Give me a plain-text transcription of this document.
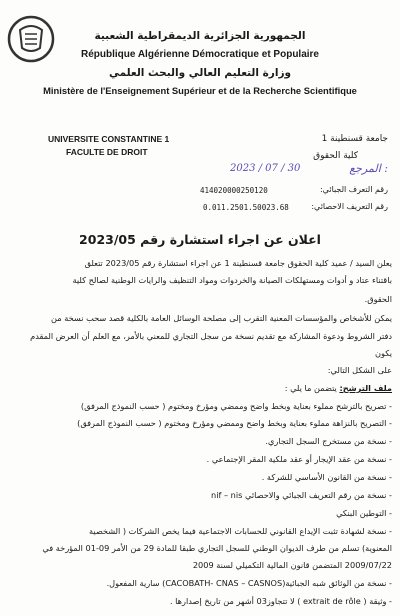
الجمهورية الجزائرية الديمقراطية الشعبية
République Algérienne Démocratique et Populaire
وزارة التعليم العالي والبحث العلمي
Ministère de l'Enseignement Supérieur et de la Recherche Scientifique
UNIVERSITE CONSTANTINE 1
FACULTE DE DROIT
جامعة قسنطينة 1
كلية الحقوق
المرجع :
2023 / 07 / 30
رقم التعرف الجبائي:
414020000250120
رقم التعريف الاحصائي:
0.011.2501.50023.68
اعلان عن اجراء استشارة رقم 2023/05
يعلن السيد / عميد كلية الحقوق جامعة قسنطينة 1 عن اجراء استشارة رقم 2023/05 تتعلق
باقتناء عتاد و أدوات ومستهلكات الصيانة والخردوات ومواد التنظيف والرايات الوطنية لصالح كلية
الحقوق.
يمكن للأشخاص والمؤسسات المعنية التقرب إلى مصلحة الوسائل العامة بالكلية قصد سحب نسخة من
دفتر الشروط ودعوة المشاركة مع تقديم نسخة من سجل التجاري للمعني بالأمر، مع العلم أن العرض المقدم
يكون
على الشكل التالي:
ملف الترشح: يتضمن ما يلي :
- تصريح بالترشح مملوء بعناية وبخط واضح وممضي ومؤرخ ومختوم ( حسب النموذج المرفق)
- التصريح بالنزاهة مملوء بعناية وبخط واضح وممضي ومؤرخ ومختوم ( حسب النموذج المرفق)
- نسخة من مستخرج السجل التجاري.
- نسخة من عقد الإيجار أو عقد ملكية المقر الإجتماعي .
- نسخة من القانون الأساسي للشركة .
- نسخة من رقم التعريف الجبائي والاحصائي nif – nis
- التوطين البنكي
- نسخة لشهادة تثبت الإيداع القانوني للحسابات الاجتماعية فيما يخص الشركات ( الشخصية
المعنوية) تسلم من طرف الديوان الوطني للسجل التجاري طبقا للمادة 29 من الأمر 09-01 المؤرخة في
2009/07/22 المتضمن قانون المالية التكميلي لسنة 2009
- نسخة من الوثائق شبه الجبائية(CACOBATH- CNAS – CASNOS) سارية المفعول.
- وثيقة ( extrait de rôle ) لا تتجاوز03 أشهر من تاريخ إصدارها .
